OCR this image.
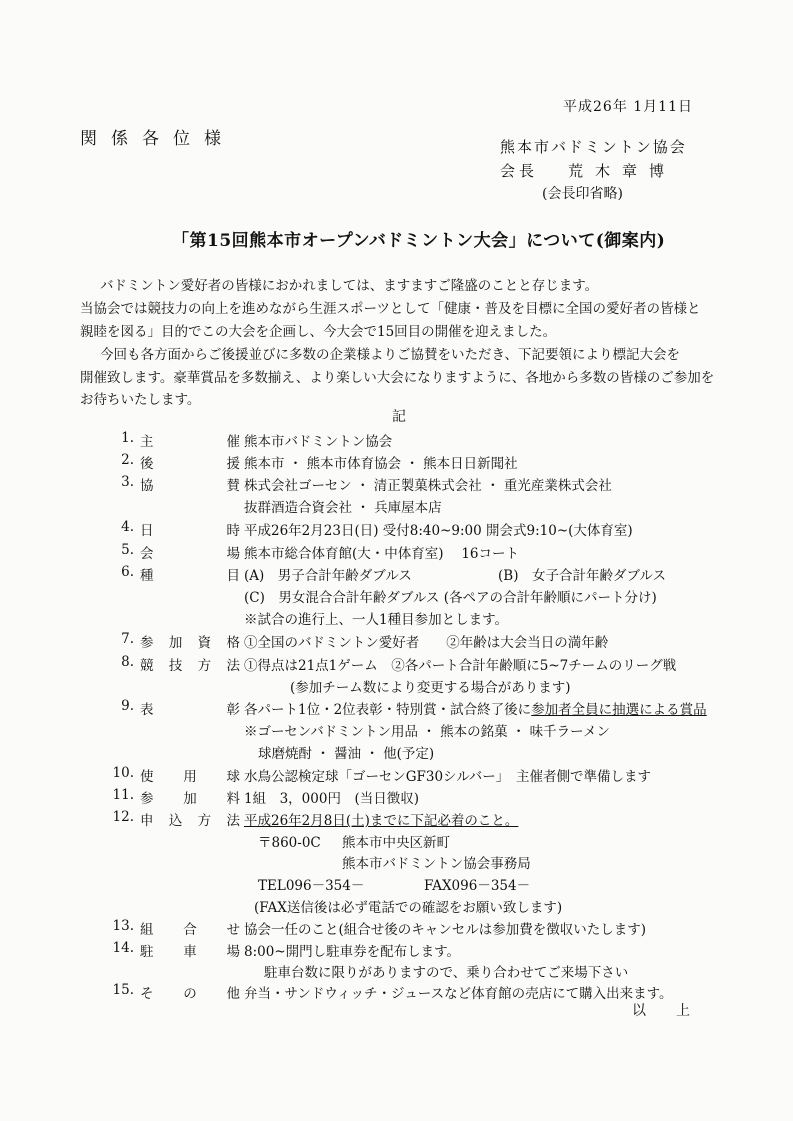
平成26年 1月11日
関係各位様	熊本市バドミントン協会
会長 荒木章博
(会長印省略)
「第15回熊本市オープンバドミントン大会」について(御案内)
バドミントン愛好者の皆様におかれましては、ますますご隆盛のことと存じます。
当協会では競技力の向上を進めながら生涯スポーツとして「健康・普及を目標に全国の愛好者の皆様と
親睦を図る」目的でこの大会を企画し、今大会で15回目の開催を迎えました。
今回も各方面からご後援並びに多数の企業様よりご協賛をいただき、下記要領により標記大会を
開催致します。豪華賞品を多数揃え、より楽しい大会になりますように、各地から多数の皆様のご参加を
お待ちいたします。
記
1. 主	催 熊本市バドミントン協会
2. 後	援 熊本市 ・ 熊本市体育協会 ・ 熊本日日新聞社
3. 協	賛 株式会社ゴーセン ・ 清正製菓株式会社 ・ 重光産業株式会社
抜群酒造合資会社 ・ 兵庫屋本店
4. 日	時 平成26年2月23日(日) 受付8:40~9:00 開会式9:10~(大体育室)
5. 会	場 熊本市総合体育館(大・中体育室)　 16コート
6. 種	目 (A)　男子合計年齢ダブルス	(B)　女子合計年齢ダブルス
(C)　男女混合合計年齢ダブルス (各ペアの合計年齢順にパート分け)
※試合の進行上、一人1種目参加とします。
7. 参 加 資 格 ①全国のバドミントン愛好者　　②年齢は大会当日の満年齢
8. 競 技 方 法 ①得点は21点1ゲーム　②各パート合計年齢順に5~7チームのリーグ戦
(参加チーム数により変更する場合があります)
9. 表	彰 各パート1位・2位表彰・特別賞・試合終了後に参加者全員に抽選による賞品
※ゴーセンバドミントン用品 ・ 熊本の銘菓 ・ 味千ラーメン
球磨焼酎 ・ 醤油 ・ 他(予定)
10. 使 用 球 水鳥公認検定球「ゴーセンGF30シルバー」　主催者側で準備します
11. 参 加 料 1組　3，000円　(当日徴収)
12. 申 込 方 法 平成26年2月8日(土)までに下記必着のこと。
〒860-0C 熊本市中央区新町
熊本市バドミントン協会事務局
TEL096－354－	FAX096－354－
(FAX送信後は必ず電話での確認をお願い致します)
13. 組 合 せ 協会一任のこと(組合せ後のキャンセルは参加費を徴収いたします)
14. 駐 車 場 8:00~開門し駐車券を配布します。
駐車台数に限りがありますので、乗り合わせてご来場下さい
15. そ の 他 弁当・サンドウィッチ・ジュースなど体育館の売店にて購入出来ます。
以上
